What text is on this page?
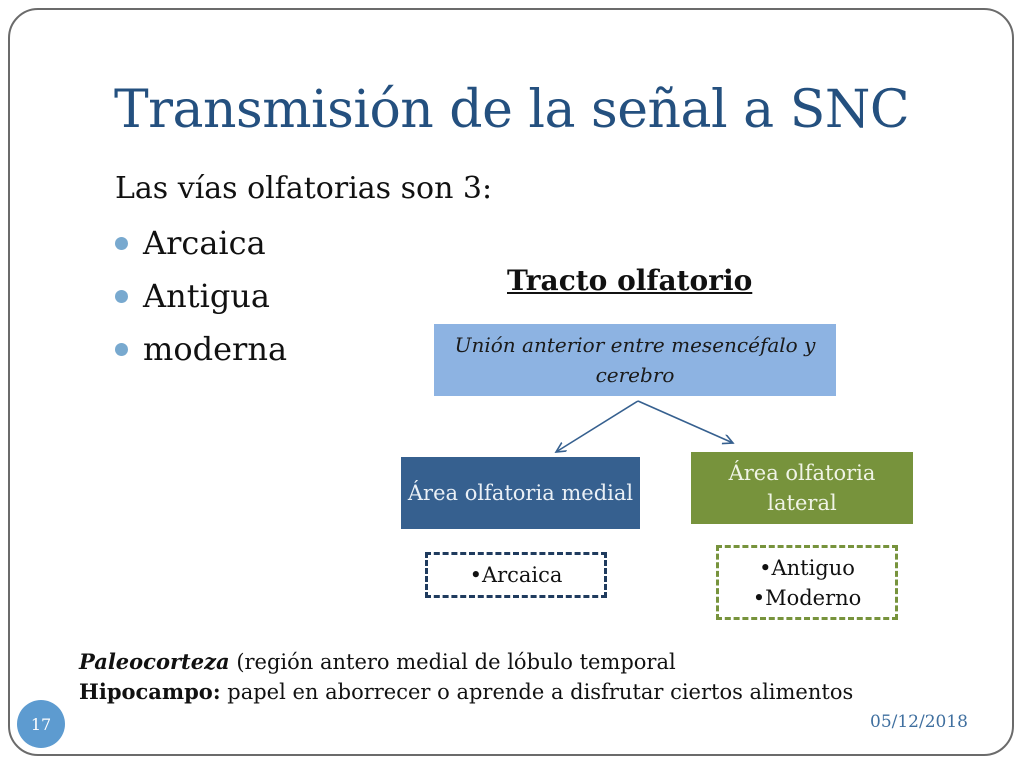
Transmisión de la señal a SNC
Las vías olfatorias son 3:
Arcaica
Antigua
moderna
Tracto olfatorio
Unión anterior entre mesencéfalo y cerebro
Área olfatoria medial
Área olfatoria lateral
•Arcaica	•Antiguo
•Moderno
Paleocorteza (región antero medial de lóbulo temporal
Hipocampo: papel en aborrecer o aprende a disfrutar ciertos alimentos
17	05/12/2018
